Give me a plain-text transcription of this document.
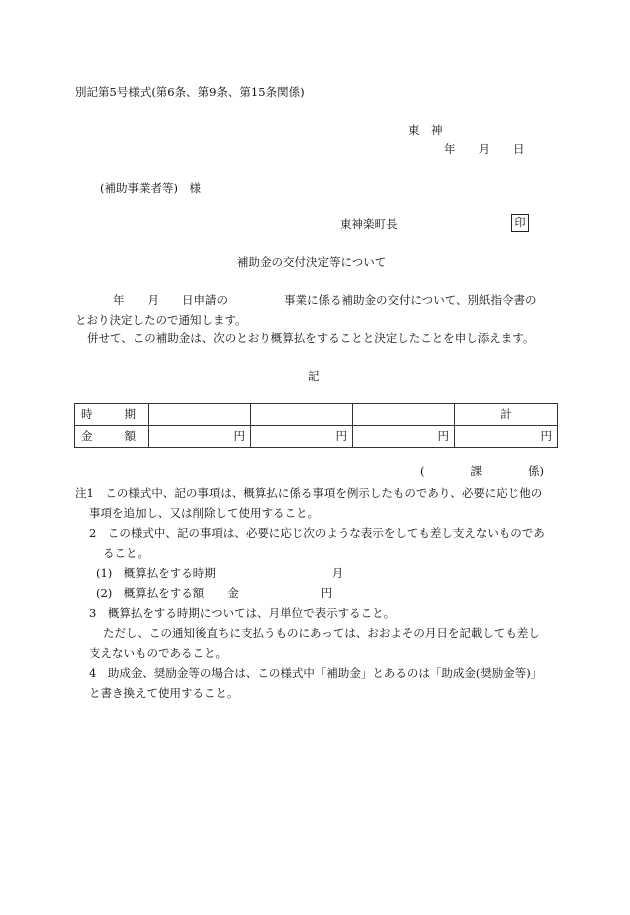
別記第5号様式(第6条、第9条、第15条関係)
東　神
年　　月　　日
(補助事業者等)　様
東神楽町長	印
補助金の交付決定等について
年　　月　　日申請の	事業に係る補助金の交付について、別紙指令書の
とおり決定したので通知します。
併せて、この補助金は、次のとおり概算払をすることと決定したことを申し添えます。
記
時　　期				計
金　　額	円	円	円	円
(　　　　課　　　　係)
注1　この様式中、記の事項は、概算払に係る事項を例示したものであり、必要に応じ他の
事項を追加し、又は削除して使用すること。
2　この様式中、記の事項は、必要に応じ次のような表示をしても差し支えないものであ
ること。
(1)　概算払をする時期	月
(2)　概算払をする額　　金	円
3　概算払をする時期については、月単位で表示すること。
ただし、この通知後直ちに支払うものにあっては、おおよその月日を記載しても差し
支えないものであること。
4　助成金、奨励金等の場合は、この様式中「補助金」とあるのは「助成金(奨励金等)」
と書き換えて使用すること。
